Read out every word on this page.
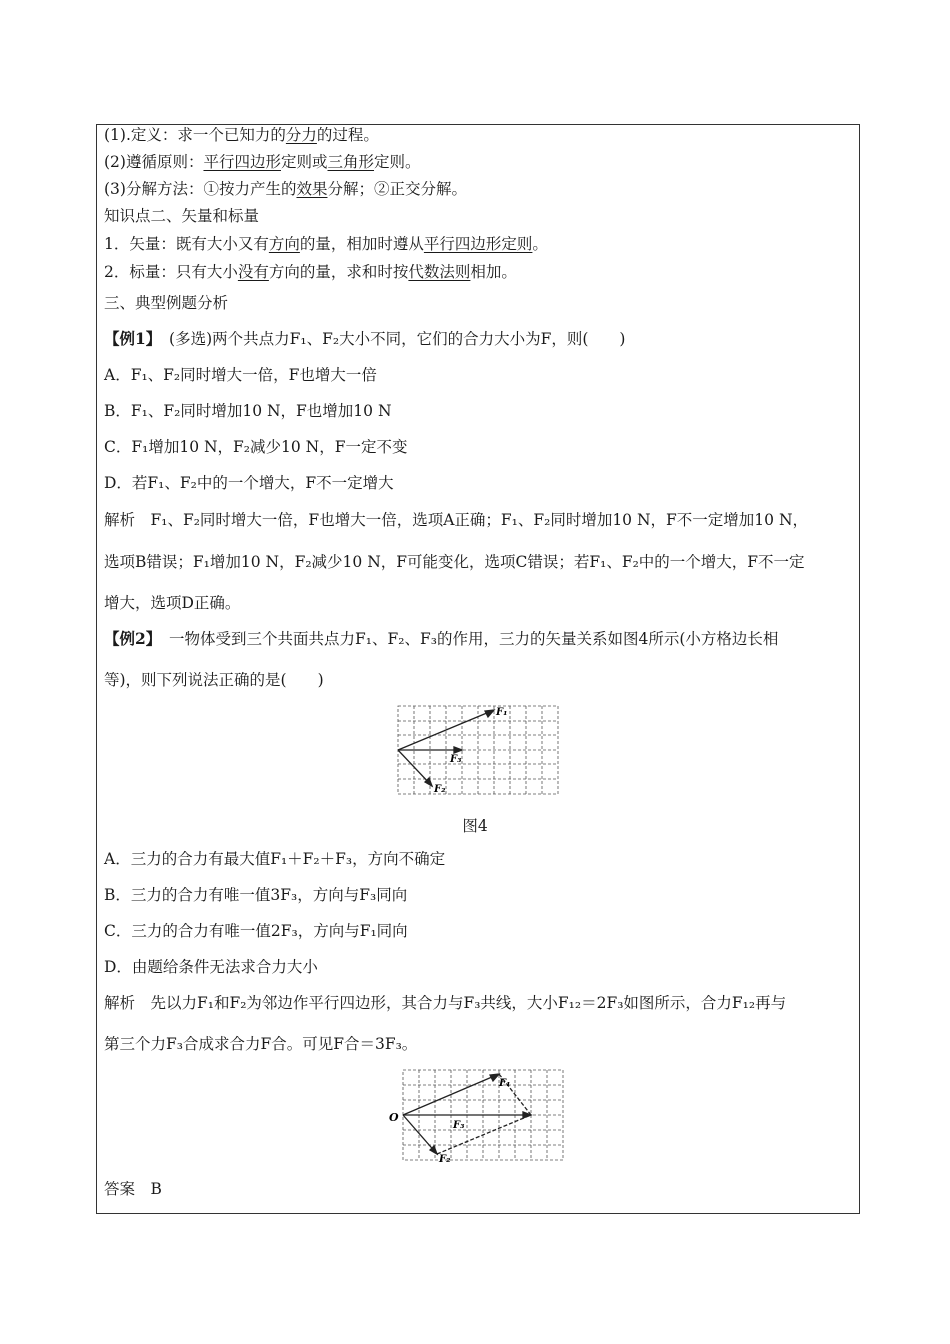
(1).定义：求一个已知力的分力的过程。
(2)遵循原则：平行四边形定则或三角形定则。
(3)分解方法：①按力产生的效果分解；②正交分解。
知识点二、矢量和标量
1．矢量：既有大小又有方向的量，相加时遵从平行四边形定则。
2．标量：只有大小没有方向的量，求和时按代数法则相加。
三、典型例题分析
【例1】　(多选)两个共点力F₁、F₂大小不同，它们的合力大小为F，则(　　)
A．F₁、F₂同时增大一倍，F也增大一倍
B．F₁、F₂同时增加10 N，F也增加10 N
C．F₁增加10 N，F₂减少10 N，F一定不变
D．若F₁、F₂中的一个增大，F不一定增大
解析　F₁、F₂同时增大一倍，F也增大一倍，选项A正确；F₁、F₂同时增加10 N，F不一定增加10 N，
选项B错误；F₁增加10 N，F₂减少10 N，F可能变化，选项C错误；若F₁、F₂中的一个增大，F不一定
增大，选项D正确。
【例2】　一物体受到三个共面共点力F₁、F₂、F₃的作用，三力的矢量关系如图4所示(小方格边长相
等)，则下列说法正确的是(　　)
F₁
F₃
F₂
图4
A．三力的合力有最大值F₁＋F₂＋F₃，方向不确定
B．三力的合力有唯一值3F₃，方向与F₃同向
C．三力的合力有唯一值2F₃，方向与F₁同向
D．由题给条件无法求合力大小
解析　先以力F₁和F₂为邻边作平行四边形，其合力与F₃共线，大小F₁₂＝2F₃如图所示，合力F₁₂再与
第三个力F₃合成求合力F合。可见F合＝3F₃。
O
F₁
F₃
F₂
答案　B
